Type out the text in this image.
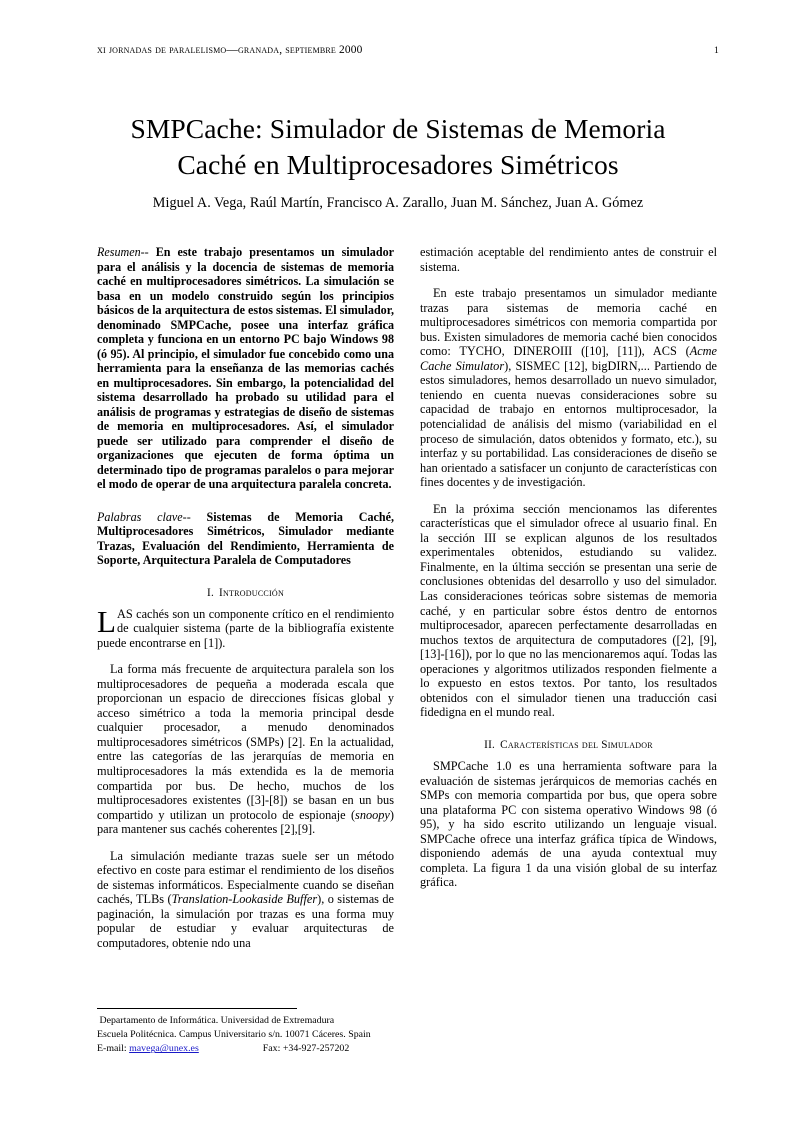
xi jornadas de paralelismo—granada, septiembre 2000	1
SMPCache: Simulador de Sistemas de Memoria
Caché en Multiprocesadores Simétricos
Miguel A. Vega, Raúl Martín, Francisco A. Zarallo, Juan M. Sánchez, Juan A. Gómez

Resumen-- En este trabajo presentamos un simulador para el análisis y la docencia de sistemas de memoria caché en multiprocesadores simétricos. La simulación se basa en un modelo construido según los principios básicos de la arquitectura de estos sistemas. El simulador, denominado SMPCache, posee una interfaz gráfica completa y funciona en un entorno PC bajo Windows 98 (ó 95). Al principio, el simulador fue concebido como una herramienta para la enseñanza de las memorias cachés en multiprocesadores. Sin embargo, la potencialidad del sistema desarrollado ha probado su utilidad para el análisis de programas y estrategias de diseño de sistemas de memoria en multiprocesadores. Así, el simulador puede ser utilizado para comprender el diseño de organizaciones que ejecuten de forma óptima un determinado tipo de programas paralelos o para mejorar el modo de operar de una arquitectura paralela concreta.

Palabras clave-- Sistemas de Memoria Caché, Multiprocesadores Simétricos, Simulador mediante Trazas, Evaluación del Rendimiento, Herramienta de Soporte, Arquitectura Paralela de Computadores

I. Introducción

LAS cachés son un componente crítico en el rendimiento de cualquier sistema (parte de la bibliografía existente puede encontrarse en [1]).

La forma más frecuente de arquitectura paralela son los multiprocesadores de pequeña a moderada escala que proporcionan un espacio de direcciones físicas global y acceso simétrico a toda la memoria principal desde cualquier procesador, a menudo denominados multiprocesadores simétricos (SMPs) [2]. En la actualidad, entre las categorías de las jerarquías de memoria en multiprocesadores la más extendida es la de memoria compartida por bus. De hecho, muchos de los multiprocesadores existentes ([3]-[8]) se basan en un bus compartido y utilizan un protocolo de espionaje (snoopy) para mantener sus cachés coherentes [2],[9].

La simulación mediante trazas suele ser un método efectivo en coste para estimar el rendimiento de los diseños de sistemas informáticos. Especialmente cuando se diseñan cachés, TLBs (Translation-Lookaside Buffer), o sistemas de paginación, la simulación por trazas es una forma muy popular de estudiar y evaluar arquitecturas de computadores, obtenie ndo una

estimación aceptable del rendimiento antes de construir el sistema.

En este trabajo presentamos un simulador mediante trazas para sistemas de memoria caché en multiprocesadores simétricos con memoria compartida por bus. Existen simuladores de memoria caché bien conocidos como: TYCHO, DINEROIII ([10], [11]), ACS (Acme Cache Simulator), SISMEC [12], bigDIRN,... Partiendo de estos simuladores, hemos desarrollado un nuevo simulador, teniendo en cuenta nuevas consideraciones sobre su capacidad de trabajo en entornos multiprocesador, la potencialidad de análisis del mismo (variabilidad en el proceso de simulación, datos obtenidos y formato, etc.), su interfaz y su portabilidad. Las consideraciones de diseño se han orientado a satisfacer un conjunto de características con fines docentes y de investigación.

En la próxima sección mencionamos las diferentes características que el simulador ofrece al usuario final. En la sección III se explican algunos de los resultados experimentales obtenidos, estudiando su validez. Finalmente, en la última sección se presentan una serie de conclusiones obtenidas del desarrollo y uso del simulador. Las consideraciones teóricas sobre sistemas de memoria caché, y en particular sobre éstos dentro de entornos multiprocesador, aparecen perfectamente desarrolladas en muchos textos de arquitectura de computadores ([2], [9], [13]-[16]), por lo que no las mencionaremos aquí. Todas las operaciones y algoritmos utilizados responden fielmente a lo expuesto en estos textos. Por tanto, los resultados obtenidos con el simulador tienen una traducción casi fidedigna en el mundo real.

II. Características del Simulador

SMPCache 1.0 es una herramienta software para la evaluación de sistemas jerárquicos de memorias cachés en SMPs con memoria compartida por bus, que opera sobre una plataforma PC con sistema operativo Windows 98 (ó 95), y ha sido escrito utilizando un lenguaje visual. SMPCache ofrece una interfaz gráfica típica de Windows, disponiendo además de una ayuda contextual muy completa. La figura 1 da una visión global de su interfaz gráfica.

Departamento de Informática. Universidad de Extremadura
Escuela Politécnica. Campus Universitario s/n. 10071 Cáceres. Spain
E-mail: mavega@unex.es	Fax: +34-927-257202
